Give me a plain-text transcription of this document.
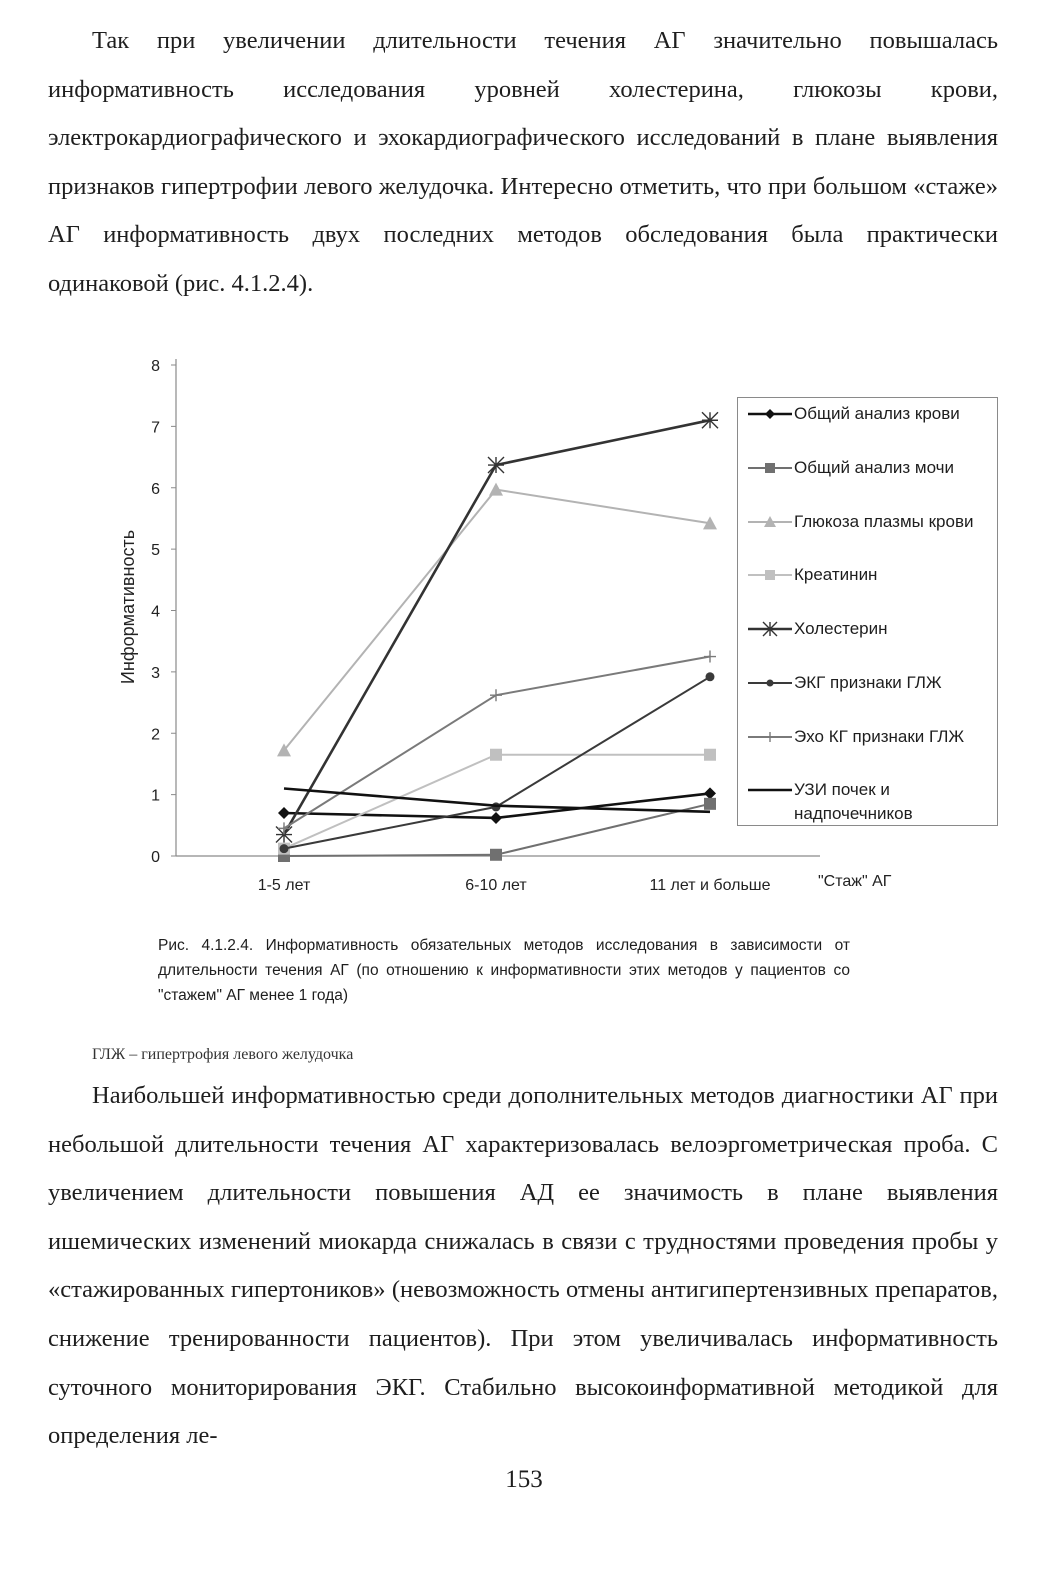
Так при увеличении длительности течения АГ значительно повышалась информативность исследования уровней холестерина, глюкозы крови, электрокардиографического и эхокардиографического исследований в плане выявления признаков гипертрофии левого желудочка. Интересно отметить, что при большом «стаже» АГ информативность двух последних методов обследования была практически одинаковой (рис. 4.1.2.4).

0
1
2
3
4
5
6
7
8
1-5 лет	6-10 лет	11 лет и больше
Информативность
"Стаж" АГ
Общий анализ крови
Общий анализ мочи
Глюкоза плазмы крови
Креатинин
Холестерин
ЭКГ признаки ГЛЖ
Эхо КГ признаки ГЛЖ
УЗИ почек и надпочечников

Рис. 4.1.2.4. Информативность обязательных методов исследования в зависимости от длительности течения АГ (по отношению к информативности этих методов у пациентов со "стажем" АГ менее 1 года)

ГЛЖ – гипертрофия левого желудочка

Наибольшей информативностью среди дополнительных методов диагностики АГ при небольшой длительности течения АГ характеризовалась велоэргометрическая проба. С увеличением длительности повышения АД ее значимость в плане выявления ишемических изменений миокарда снижалась в связи с трудностями проведения пробы у «стажированных гипертоников» (невозможность отмены антигипертензивных препаратов, снижение тренированности пациентов). При этом увеличивалась информативность суточного мониторирования ЭКГ. Стабильно высокоинформативной методикой для определения ле-

153
